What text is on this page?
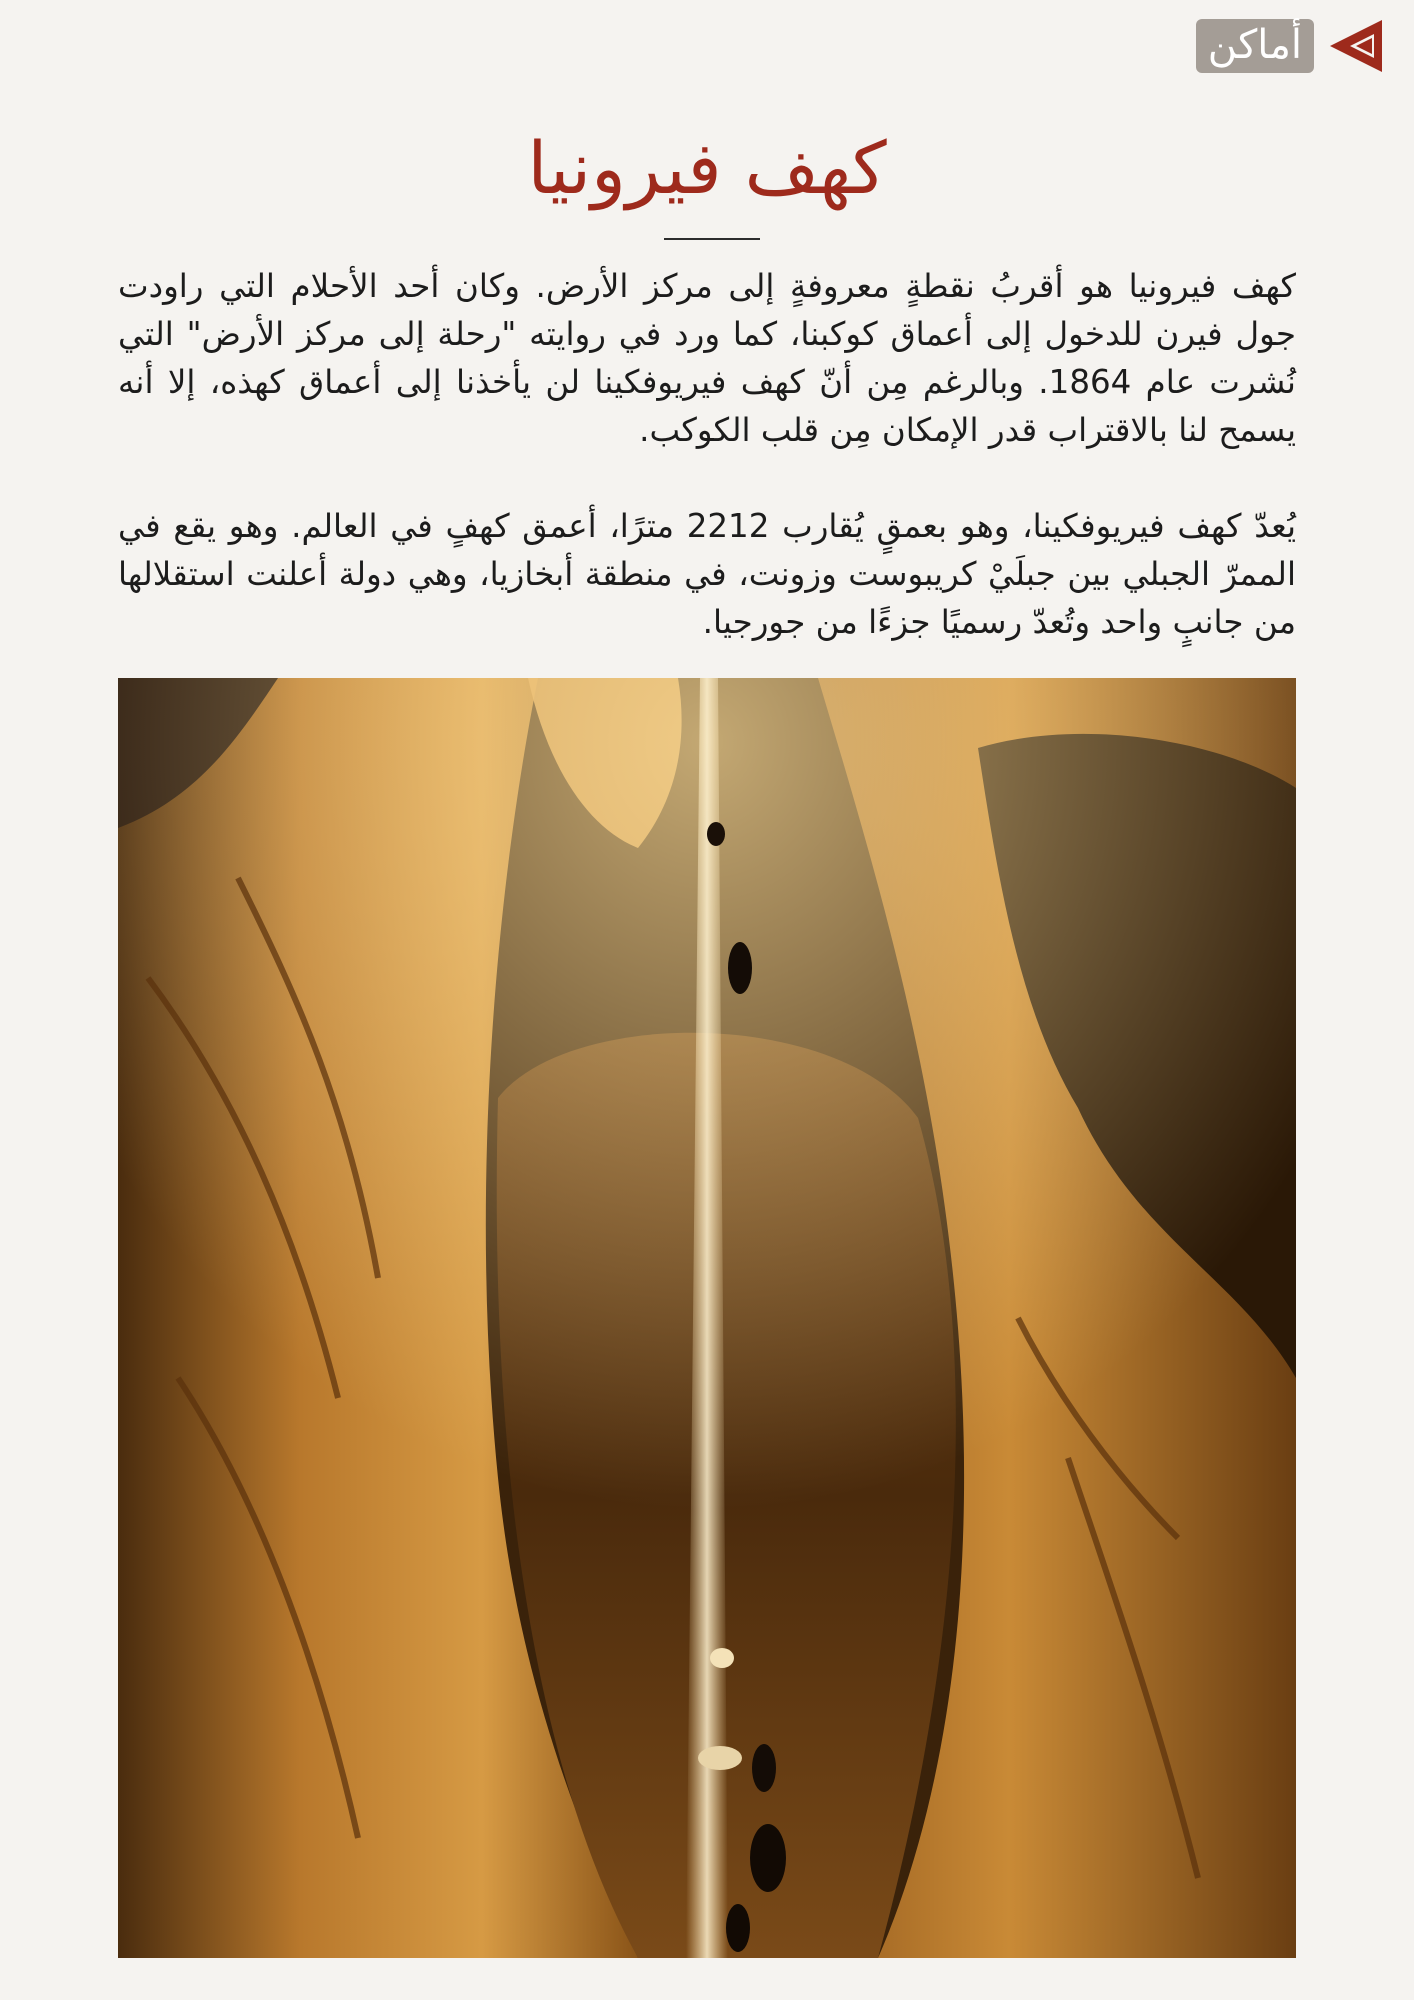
أماكن
كهف فيرونيا

كهف فيرونيا هو أقربُ نقطةٍ معروفةٍ إلى مركز الأرض. وكان أحد الأحلام التي راودت جول فيرن للدخول إلى أعماق كوكبنا، كما ورد في روايته "رحلة إلى مركز الأرض" التي نُشرت عام 1864. وبالرغم مِن أنّ كهف فيريوفكينا لن يأخذنا إلى أعماق كهذه، إلا أنه يسمح لنا بالاقتراب قدر الإمكان مِن قلب الكوكب.

يُعدّ كهف فيريوفكينا، وهو بعمقٍ يُقارب 2212 مترًا، أعمق كهفٍ في العالم. وهو يقع في الممرّ الجبلي بين جبلَيْ كريبوست وزونت، في منطقة أبخازيا، وهي دولة أعلنت استقلالها من جانبٍ واحد وتُعدّ رسميًا جزءًا من جورجيا.
